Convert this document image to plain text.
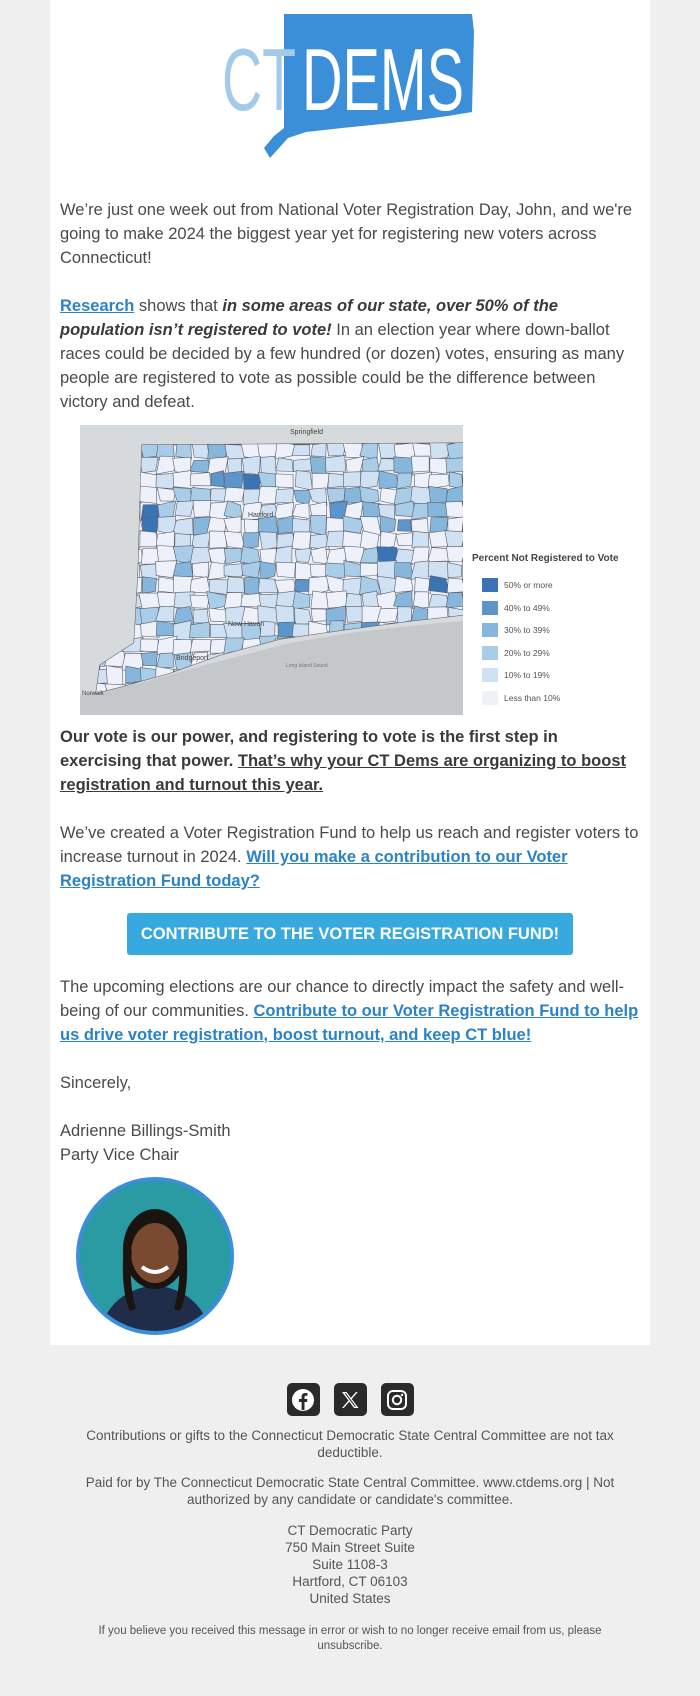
CT DEMS

We’re just one week out from National Voter Registration Day, John, and we're going to make 2024 the biggest year yet for registering new voters across Connecticut!

Research shows that in some areas of our state, over 50% of the population isn’t registered to vote! In an election year where down-ballot races could be decided by a few hundred (or dozen) votes, ensuring as many people are registered to vote as possible could be the difference between victory and defeat.

Springfield
Hartford
New Haven
Bridgeport
Long Island Sound
Norwalk
Percent Not Registered to Vote
50% or more
40% to 49%
30% to 39%
20% to 29%
10% to 19%
Less than 10%

Our vote is our power, and registering to vote is the first step in exercising that power. That’s why your CT Dems are organizing to boost registration and turnout this year.

We’ve created a Voter Registration Fund to help us reach and register voters to increase turnout in 2024. Will you make a contribution to our Voter Registration Fund today?

CONTRIBUTE TO THE VOTER REGISTRATION FUND!

The upcoming elections are our chance to directly impact the safety and well-being of our communities. Contribute to our Voter Registration Fund to help us drive voter registration, boost turnout, and keep CT blue!

Sincerely,

Adrienne Billings-Smith

Party Vice Chair

Contributions or gifts to the Connecticut Democratic State Central Committee are not tax deductible.
Paid for by The Connecticut Democratic State Central Committee. www.ctdems.org | Not authorized by any candidate or candidate's committee.
CT Democratic Party
750 Main Street Suite
Suite 1108-3
Hartford, CT 06103
United States
If you believe you received this message in error or wish to no longer receive email from us, please unsubscribe.
